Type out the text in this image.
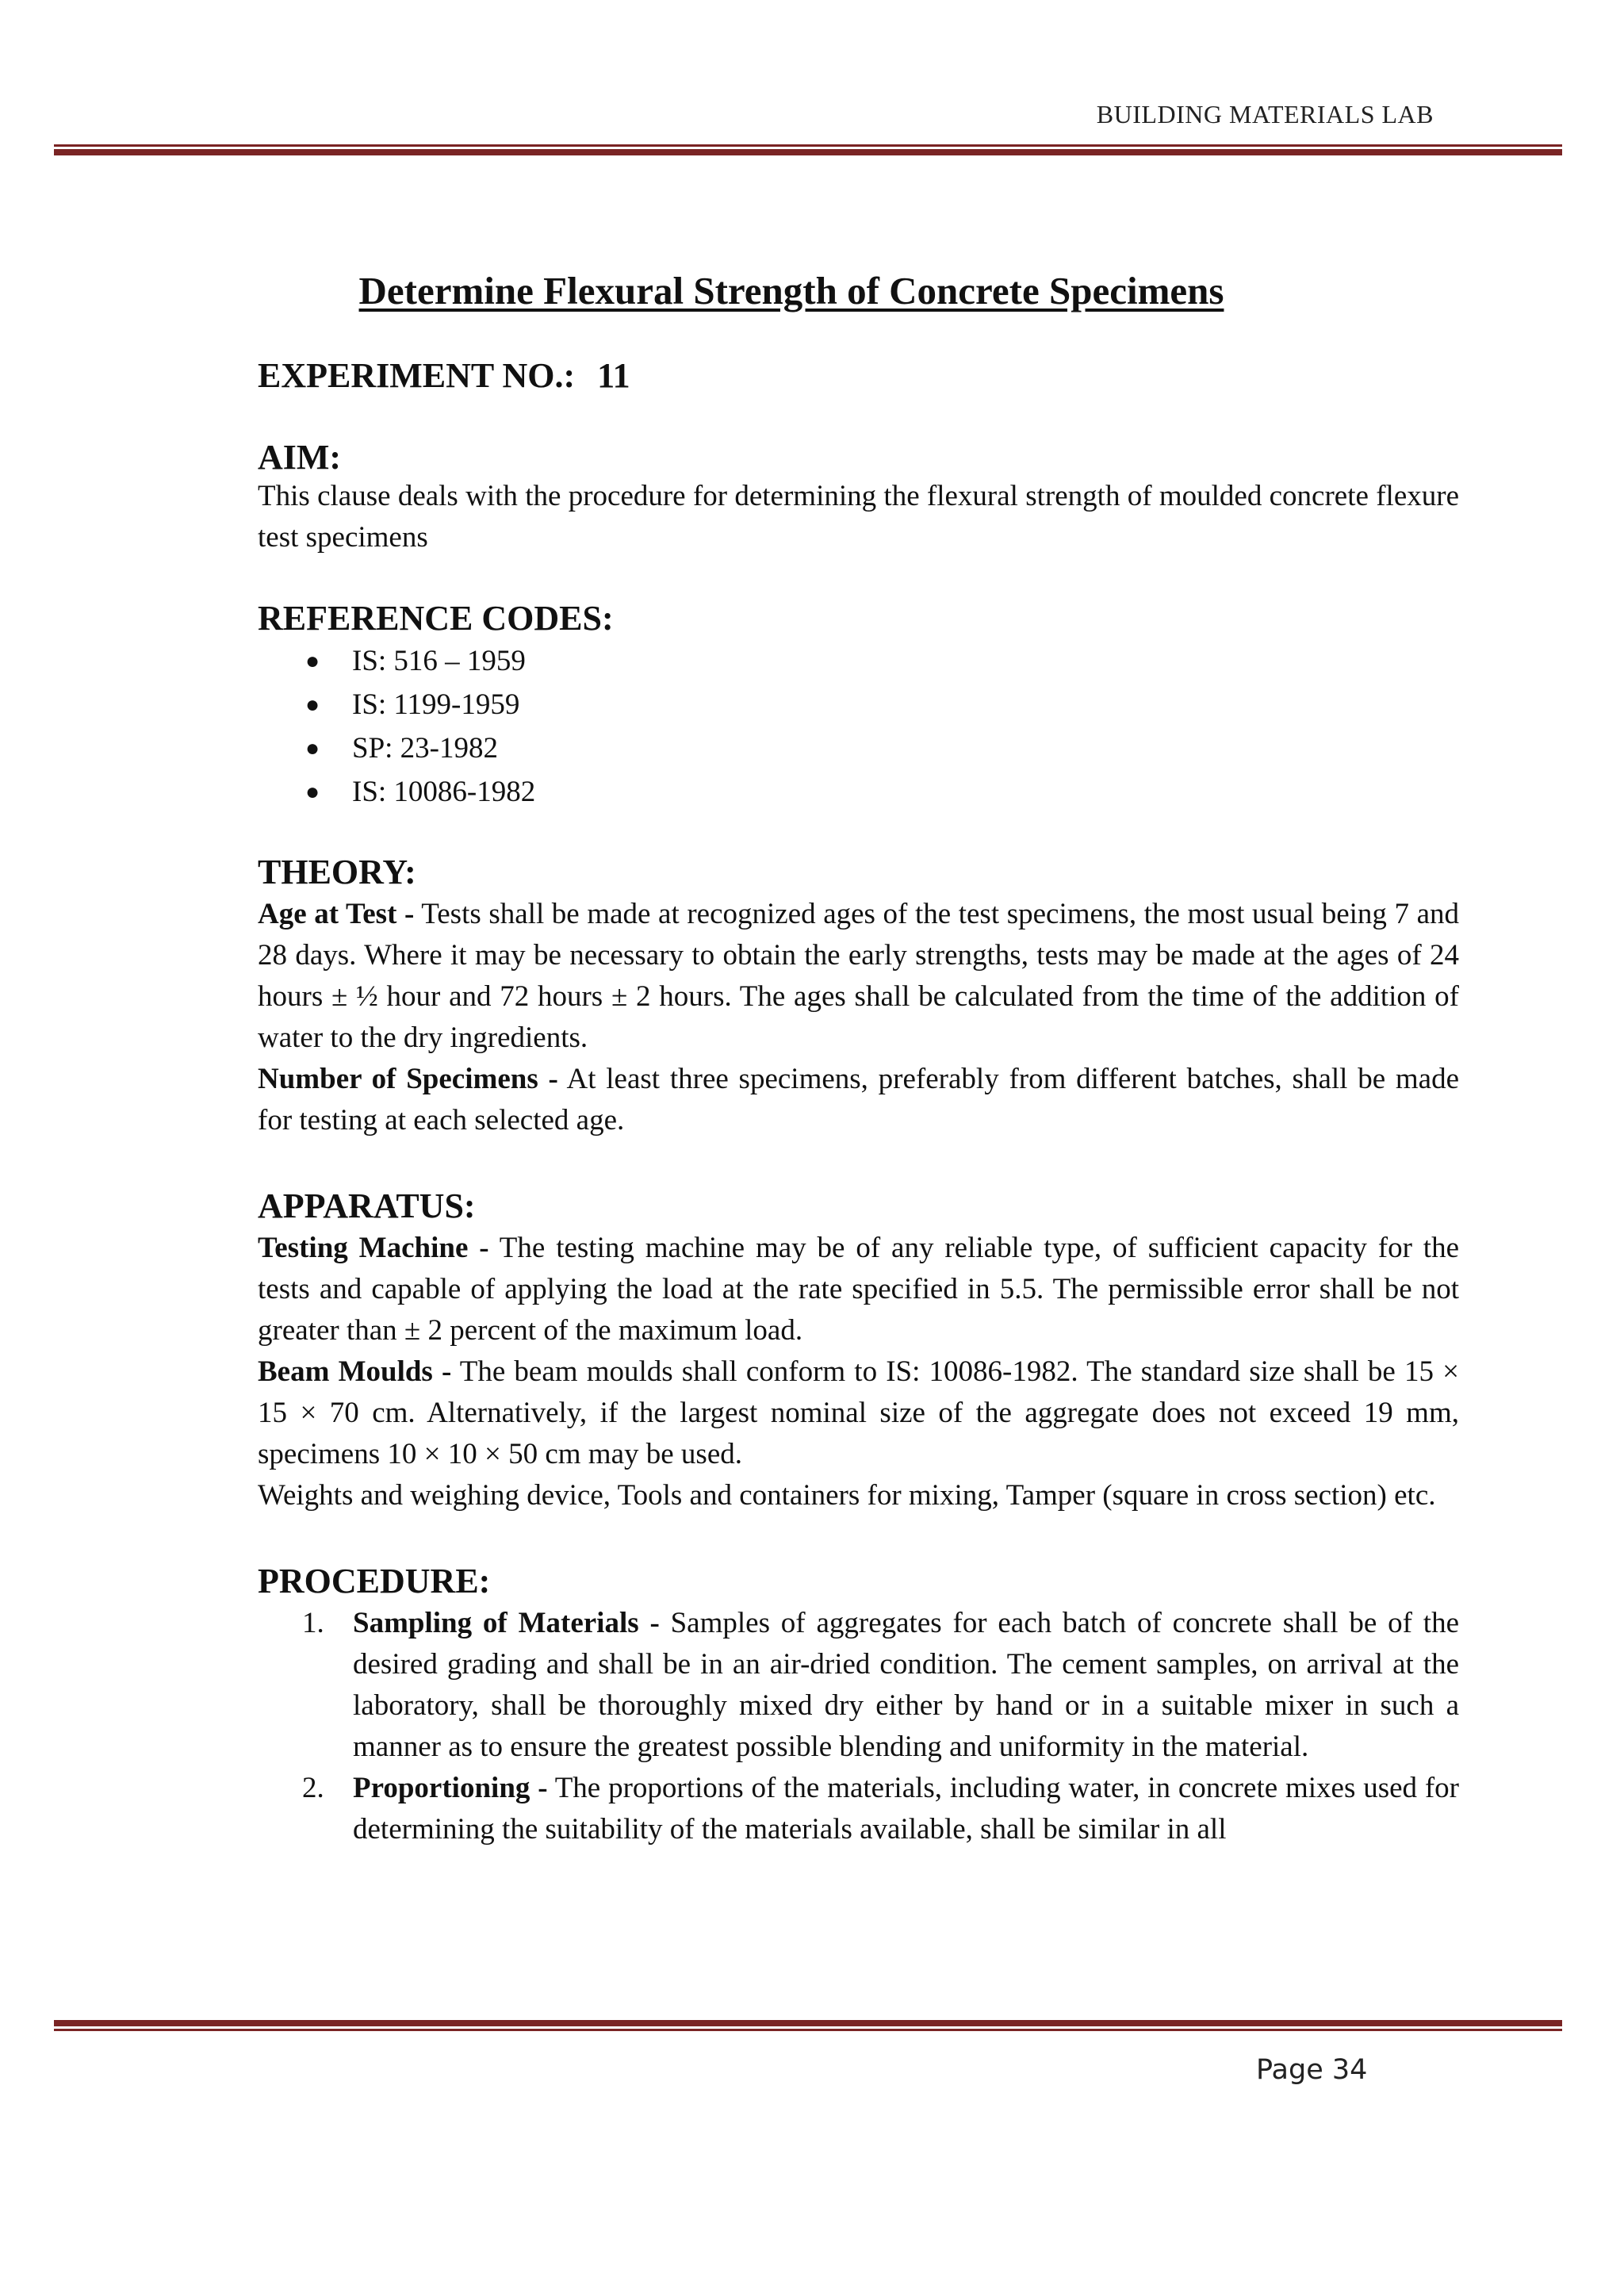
BUILDING MATERIALS LAB
Determine Flexural Strength of Concrete Specimens

EXPERIMENT NO.: 11

AIM:

This clause deals with the procedure for determining the flexural strength of moulded concrete flexure test specimens

REFERENCE CODES:

● IS: 516 – 1959
● IS: 1199-1959
● SP: 23-1982
● IS: 10086-1982

THEORY:

Age at Test - Tests shall be made at recognized ages of the test specimens, the most usual being 7 and 28 days. Where it may be necessary to obtain the early strengths, tests may be made at the ages of 24 hours ± ½ hour and 72 hours ± 2 hours. The ages shall be calculated from the time of the addition of water to the dry ingredients.

Number of Specimens - At least three specimens, preferably from different batches, shall be made for testing at each selected age.

APPARATUS:

Testing Machine - The testing machine may be of any reliable type, of sufficient capacity for the tests and capable of applying the load at the rate specified in 5.5. The permissible error shall be not greater than ± 2 percent of the maximum load.

Beam Moulds - The beam moulds shall conform to IS: 10086-1982. The standard size shall be 15 × 15 × 70 cm. Alternatively, if the largest nominal size of the aggregate does not exceed 19 mm, specimens 10 × 10 × 50 cm may be used.

Weights and weighing device, Tools and containers for mixing, Tamper (square in cross section) etc.

PROCEDURE:

1. Sampling of Materials - Samples of aggregates for each batch of concrete shall be of the desired grading and shall be in an air-dried condition. The cement samples, on arrival at the laboratory, shall be thoroughly mixed dry either by hand or in a suitable mixer in such a manner as to ensure the greatest possible blending and uniformity in the material.
2. Proportioning - The proportions of the materials, including water, in concrete mixes used for determining the suitability of the materials available, shall be similar in all
Page 34
